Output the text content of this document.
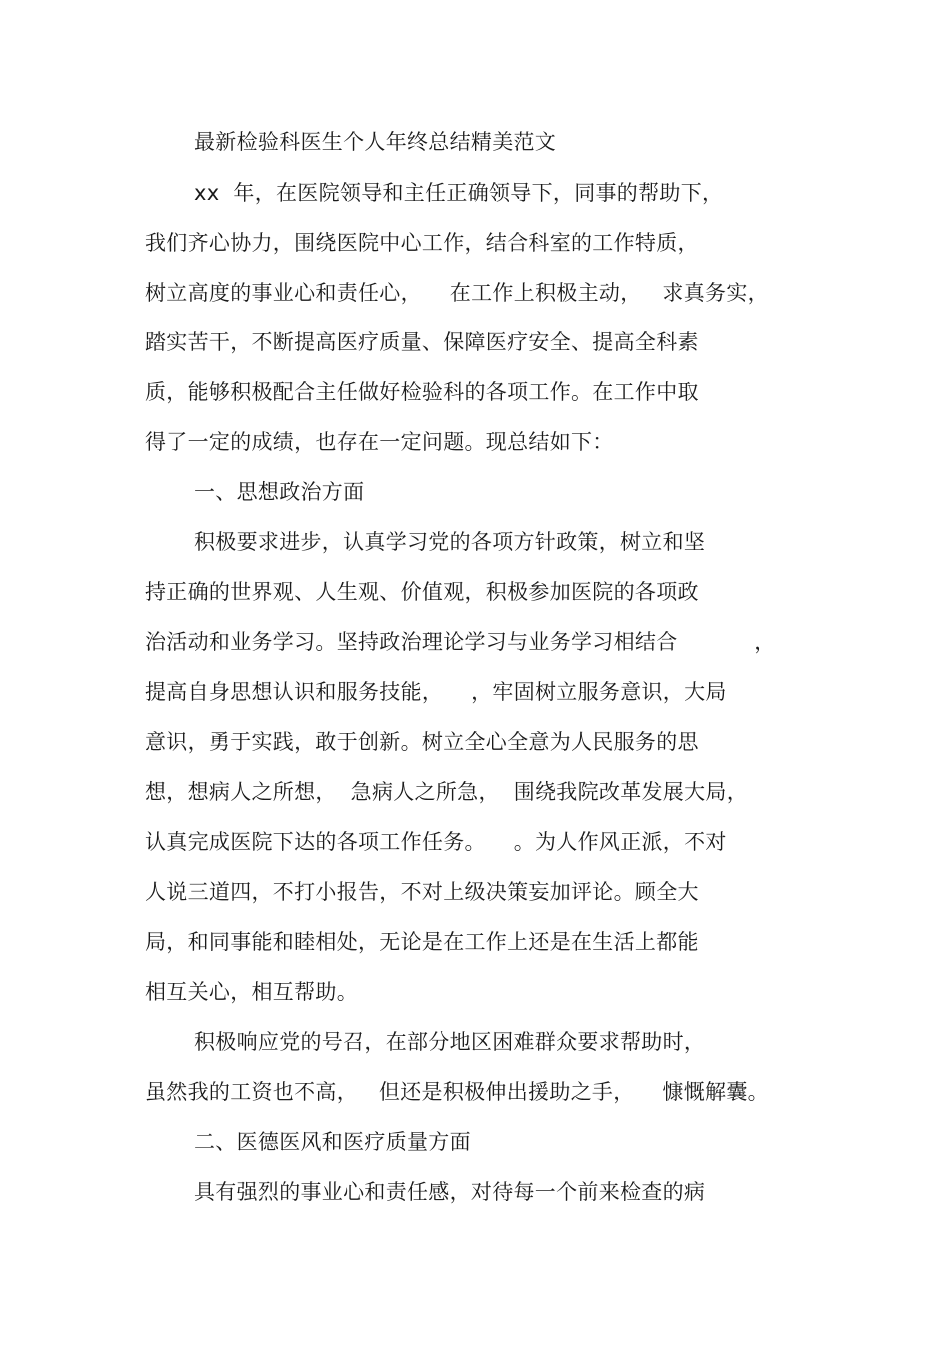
最新检验科医生个人年终总结精美范文
xx  年，在医院领导和主任正确领导下，同事的帮助下，
我们齐心协力，围绕医院中心工作，结合科室的工作特质，
树立高度的事业心和责任心，    在工作上积极主动，   求真务实，
踏实苦干，不断提高医疗质量、保障医疗安全、提高全科素
质，能够积极配合主任做好检验科的各项工作。在工作中取
得了一定的成绩，也存在一定问题。现总结如下：
一、思想政治方面
积极要求进步，认真学习党的各项方针政策，树立和坚
持正确的世界观、人生观、价值观，积极参加医院的各项政
治活动和业务学习。坚持政治理论学习与业务学习相结合           ，
提高自身思想认识和服务技能，    ，牢固树立服务意识，大局
意识，勇于实践，敢于创新。树立全心全意为人民服务的思
想，想病人之所想，  急病人之所急，  围绕我院改革发展大局，
认真完成医院下达的各项工作任务。    。为人作风正派，不对
人说三道四，不打小报告，不对上级决策妄加评论。顾全大
局，和同事能和睦相处，无论是在工作上还是在生活上都能
相互关心，相互帮助。
积极响应党的号召，在部分地区困难群众要求帮助时，
虽然我的工资也不高，   但还是积极伸出援助之手，    慷慨解囊。
二、医德医风和医疗质量方面
具有强烈的事业心和责任感，对待每一个前来检查的病
